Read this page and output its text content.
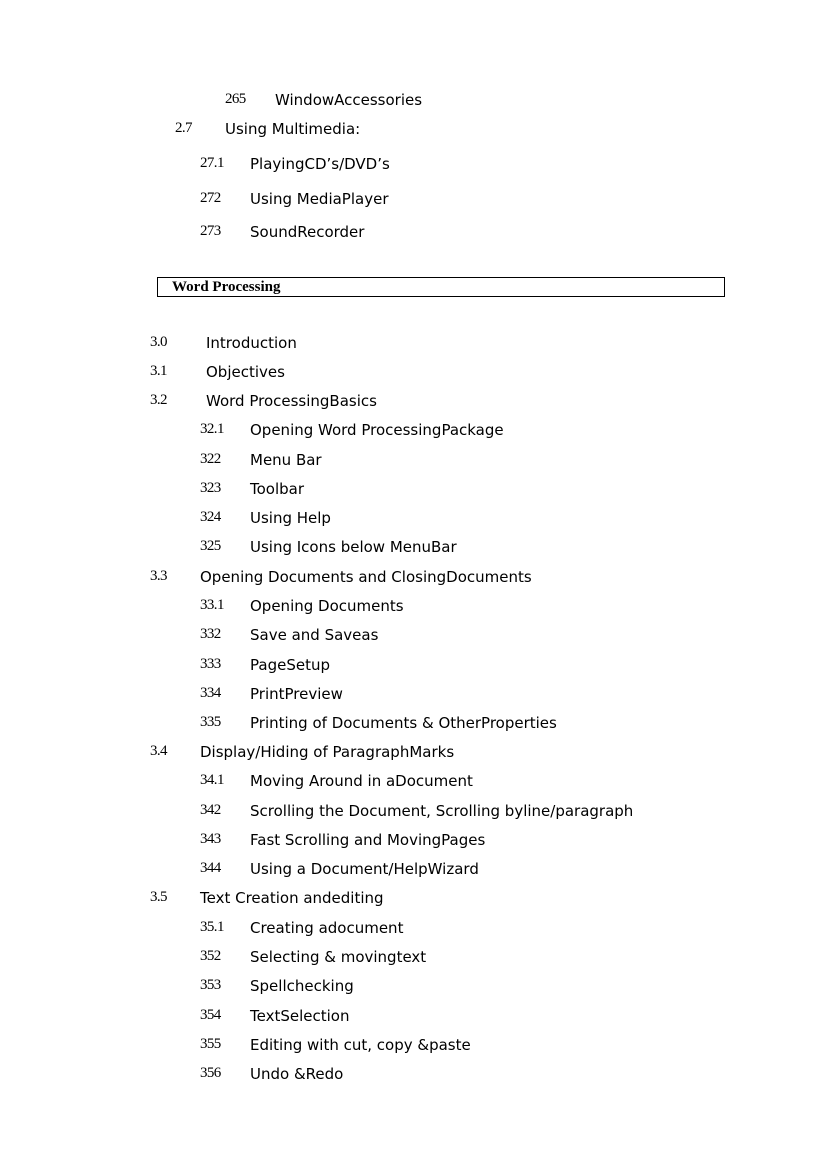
265 WindowAccessories
2.7 Using Multimedia:
27.1 PlayingCD’s/DVD’s
272 Using MediaPlayer
273 SoundRecorder
Word Processing
3.0	Introduction
3.1	Objectives
3.2	Word ProcessingBasics
32.1 Opening Word ProcessingPackage
322 Menu Bar
323 Toolbar
324 Using Help
325 Using Icons below MenuBar
3.3 Opening Documents and ClosingDocuments
33.1 Opening Documents
332 Save and Saveas
333 PageSetup
334 PrintPreview
335 Printing of Documents & OtherProperties
3.4 Display/Hiding of ParagraphMarks
34.1 Moving Around in aDocument
342 Scrolling the Document, Scrolling byline/paragraph
343 Fast Scrolling and MovingPages
344 Using a Document/HelpWizard
3.5 Text Creation andediting
35.1 Creating adocument
352 Selecting & movingtext
353 Spellchecking
354 TextSelection
355 Editing with cut, copy &paste
356 Undo &Redo
